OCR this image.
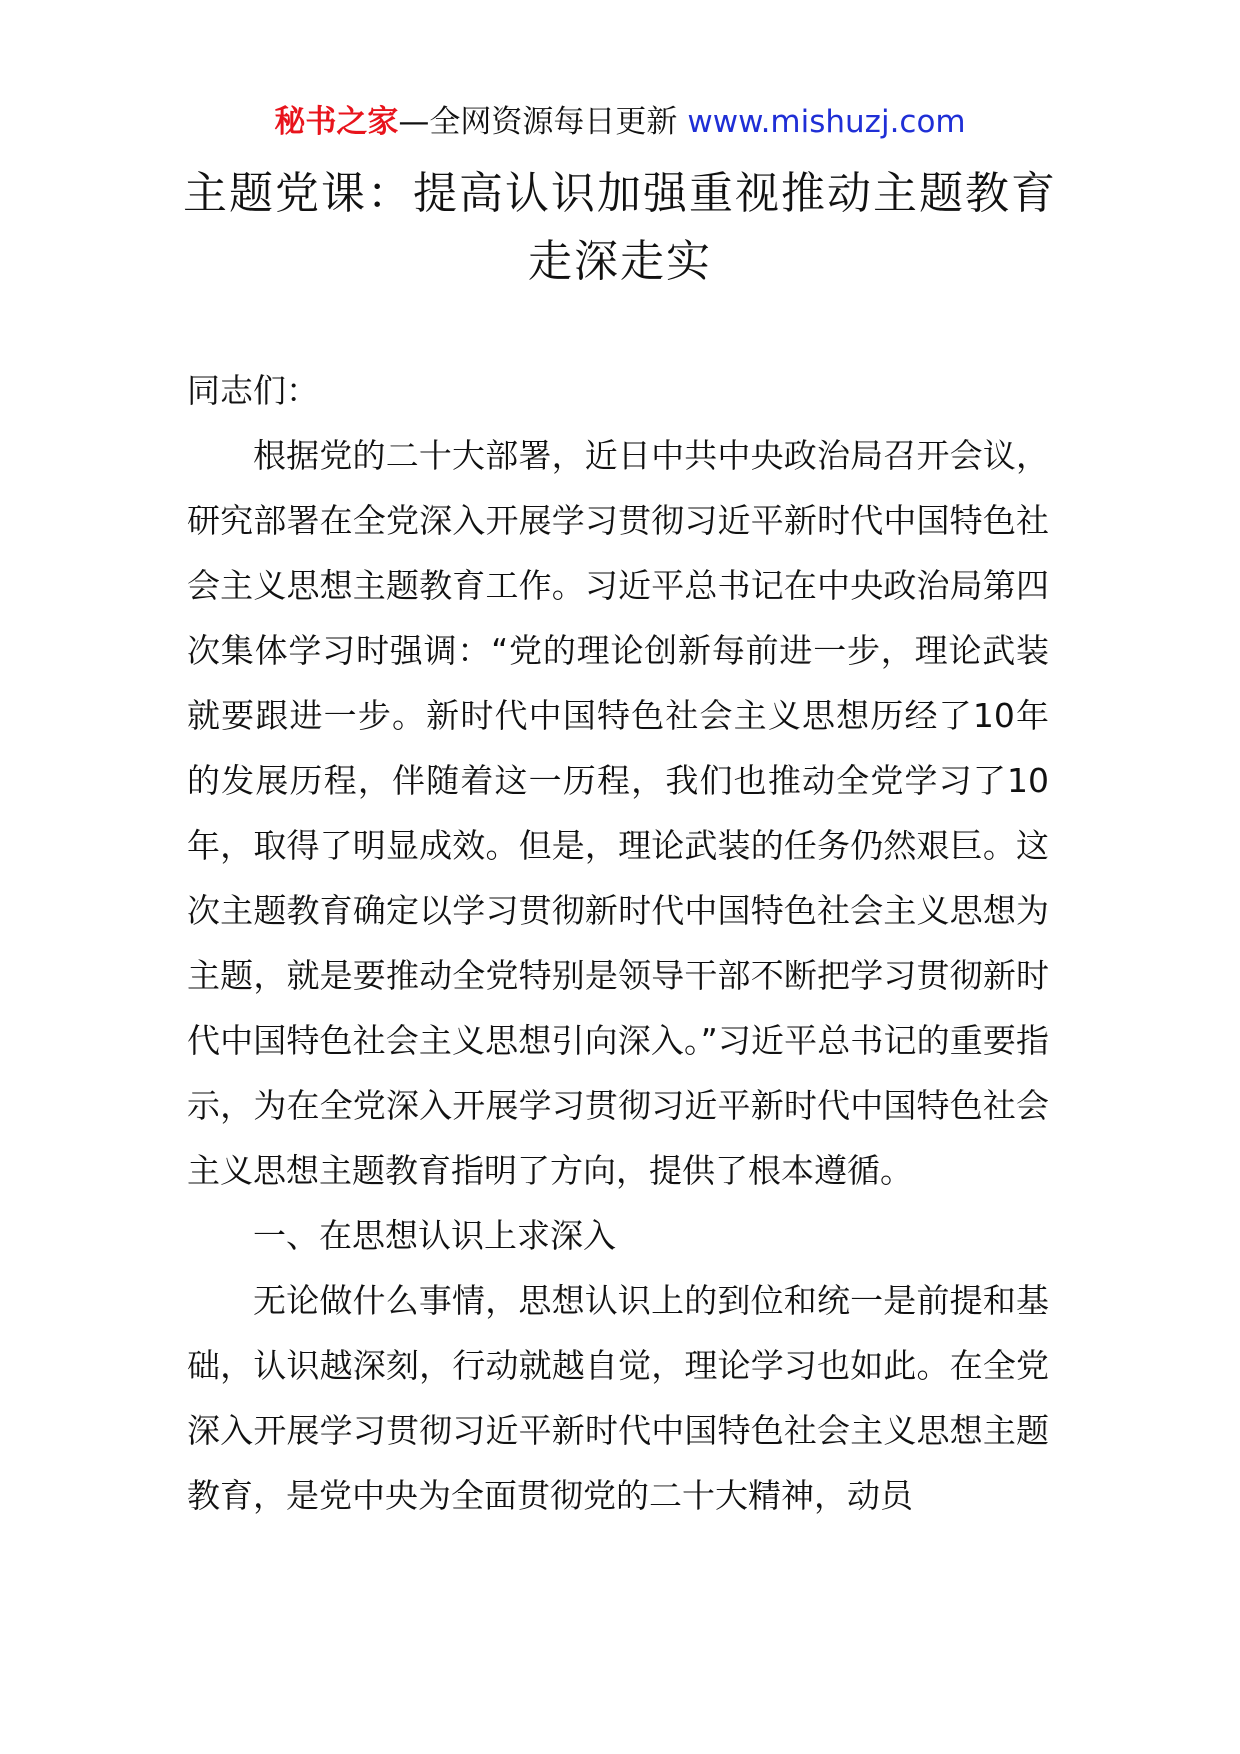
秘书之家—全网资源每日更新 www.mishuzj.com
主题党课：提高认识加强重视推动主题教育走深走实

同志们：

根据党的二十大部署，近日中共中央政治局召开会议，研究部署在全党深入开展学习贯彻习近平新时代中国特色社会主义思想主题教育工作。习近平总书记在中央政治局第四次集体学习时强调：“党的理论创新每前进一步，理论武装就要跟进一步。新时代中国特色社会主义思想历经了10年的发展历程，伴随着这一历程，我们也推动全党学习了10年，取得了明显成效。但是，理论武装的任务仍然艰巨。这次主题教育确定以学习贯彻新时代中国特色社会主义思想为主题，就是要推动全党特别是领导干部不断把学习贯彻新时代中国特色社会主义思想引向深入。”习近平总书记的重要指示，为在全党深入开展学习贯彻习近平新时代中国特色社会主义思想主题教育指明了方向，提供了根本遵循。

一、在思想认识上求深入

无论做什么事情，思想认识上的到位和统一是前提和基础，认识越深刻，行动就越自觉，理论学习也如此。在全党深入开展学习贯彻习近平新时代中国特色社会主义思想主题教育，是党中央为全面贯彻党的二十大精神，动员
